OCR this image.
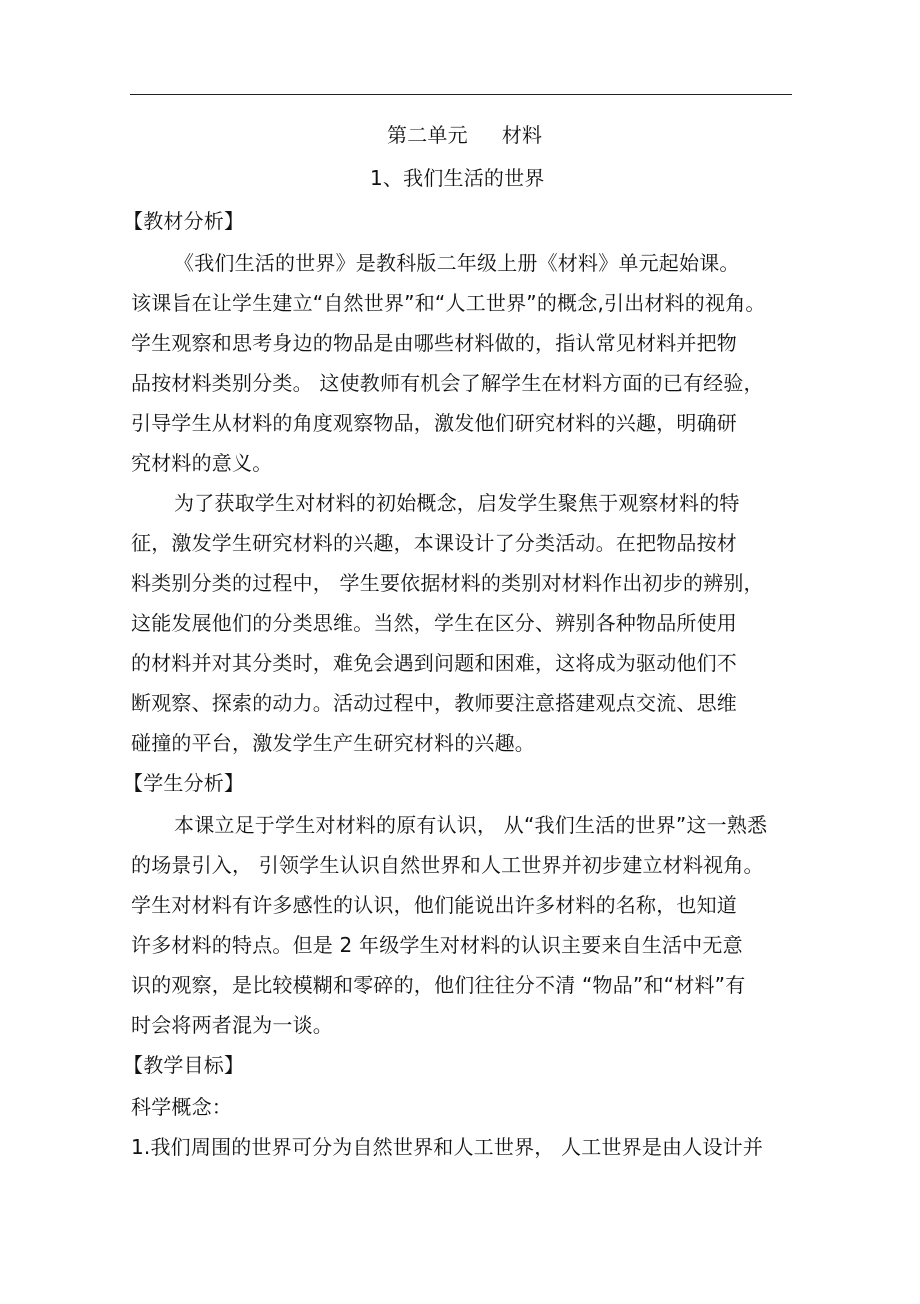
第二单元 材料
1、我们生活的世界
【教材分析】
《我们生活的世界》是教科版二年级上册《材料》单元起始课。
该课旨在让学生建立“自然世界”和“人工世界”的概念,引出材料的视角。
学生观察和思考身边的物品是由哪些材料做的，指认常见材料并把物
品按材料类别分类。 这使教师有机会了解学生在材料方面的已有经验，
引导学生从材料的角度观察物品，激发他们研究材料的兴趣，明确研
究材料的意义。
为了获取学生对材料的初始概念，启发学生聚焦于观察材料的特
征，激发学生研究材料的兴趣，本课设计了分类活动。在把物品按材
料类别分类的过程中， 学生要依据材料的类别对材料作出初步的辨别，
这能发展他们的分类思维。当然，学生在区分、辨别各种物品所使用
的材料并对其分类时，难免会遇到问题和困难，这将成为驱动他们不
断观察、探索的动力。活动过程中，教师要注意搭建观点交流、思维
碰撞的平台，激发学生产生研究材料的兴趣。
【学生分析】
本课立足于学生对材料的原有认识， 从“我们生活的世界”这一熟悉
的场景引入， 引领学生认识自然世界和人工世界并初步建立材料视角。
学生对材料有许多感性的认识，他们能说出许多材料的名称，也知道
许多材料的特点。但是 2 年级学生对材料的认识主要来自生活中无意
识的观察，是比较模糊和零碎的，他们往往分不清 “物品”和“材料”有
时会将两者混为一谈。
【教学目标】
科学概念：
1.我们周围的世界可分为自然世界和人工世界， 人工世界是由人设计并
